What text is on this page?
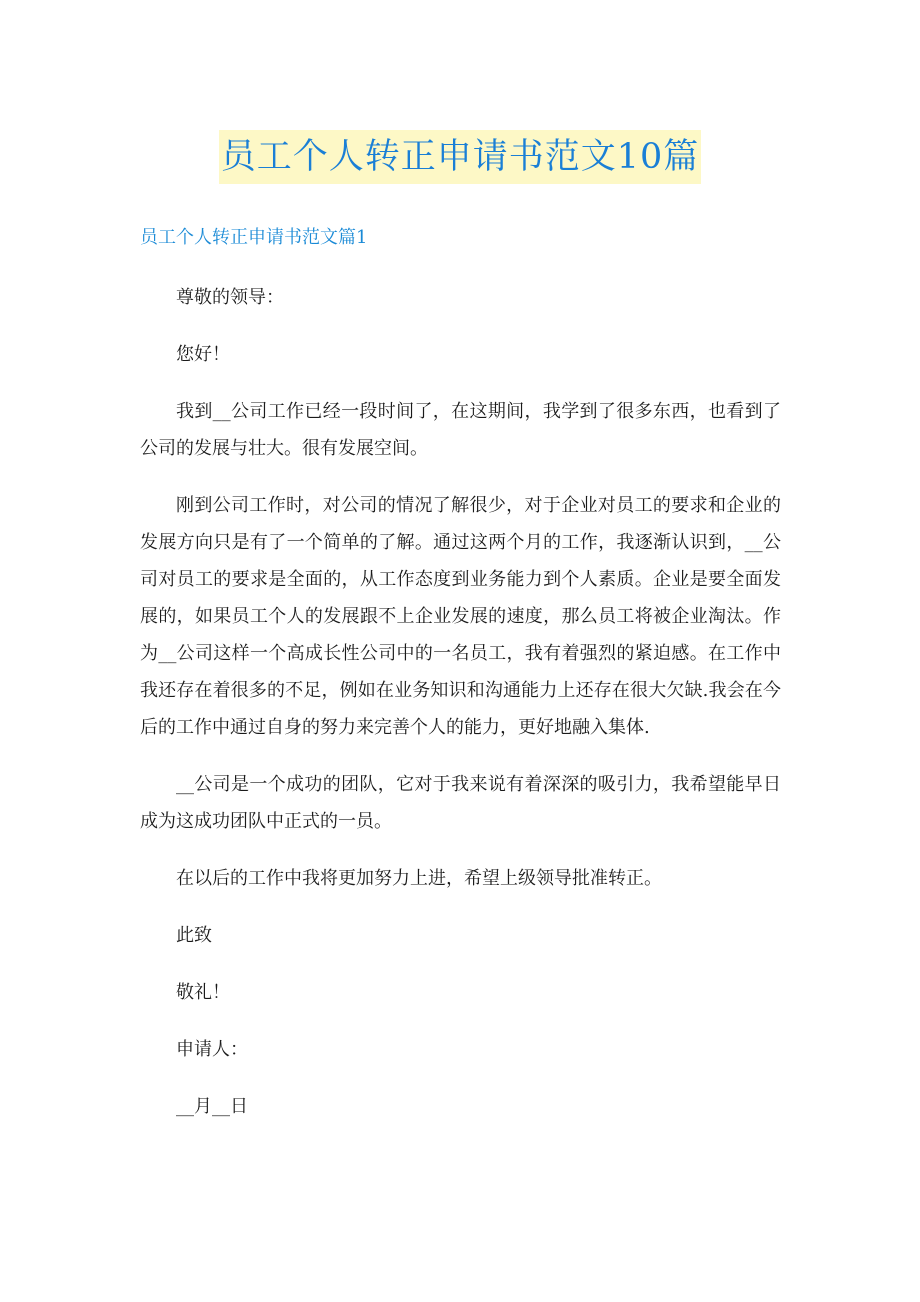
员工个人转正申请书范文10篇
员工个人转正申请书范文篇1

尊敬的领导：

您好！

我到__公司工作已经一段时间了，在这期间，我学到了很多东西，也看到了公司的发展与壮大。很有发展空间。

刚到公司工作时，对公司的情况了解很少，对于企业对员工的要求和企业的发展方向只是有了一个简单的了解。通过这两个月的工作，我逐渐认识到，__公司对员工的要求是全面的，从工作态度到业务能力到个人素质。企业是要全面发展的，如果员工个人的发展跟不上企业发展的速度，那么员工将被企业淘汰。作为__公司这样一个高成长性公司中的一名员工，我有着强烈的紧迫感。在工作中我还存在着很多的不足，例如在业务知识和沟通能力上还存在很大欠缺.我会在今后的工作中通过自身的努力来完善个人的能力，更好地融入集体.

__公司是一个成功的团队，它对于我来说有着深深的吸引力，我希望能早日成为这成功团队中正式的一员。

在以后的工作中我将更加努力上进，希望上级领导批准转正。

此致

敬礼！

申请人：

__月__日
